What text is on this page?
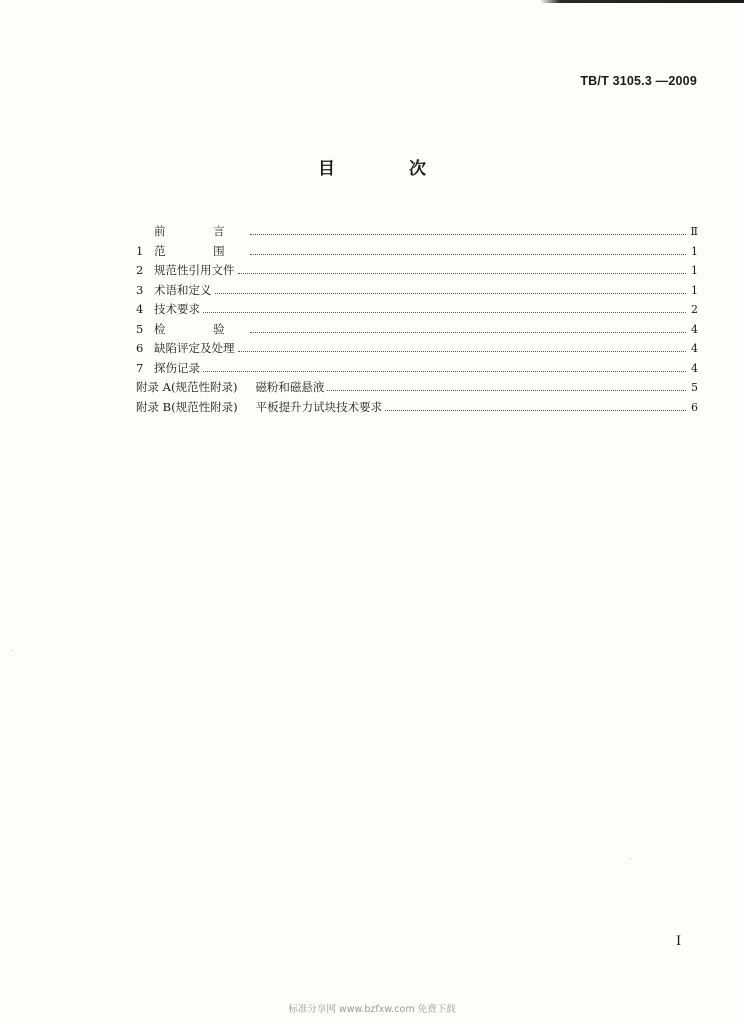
TB/T 3105.3 —2009
目 次
前 言	Ⅱ
1 范 围	1
2 规范性引用文件	1
3 术语和定义	1
4 技术要求	2
5 检 验	4
6 缺陷评定及处理	4
7 探伤记录	4
附录 A(规范性附录) 磁粉和磁悬液	5
附录 B(规范性附录) 平板提升力试块技术要求	6
Ⅰ
标准分享网 www.bzfxw.com 免费下载
